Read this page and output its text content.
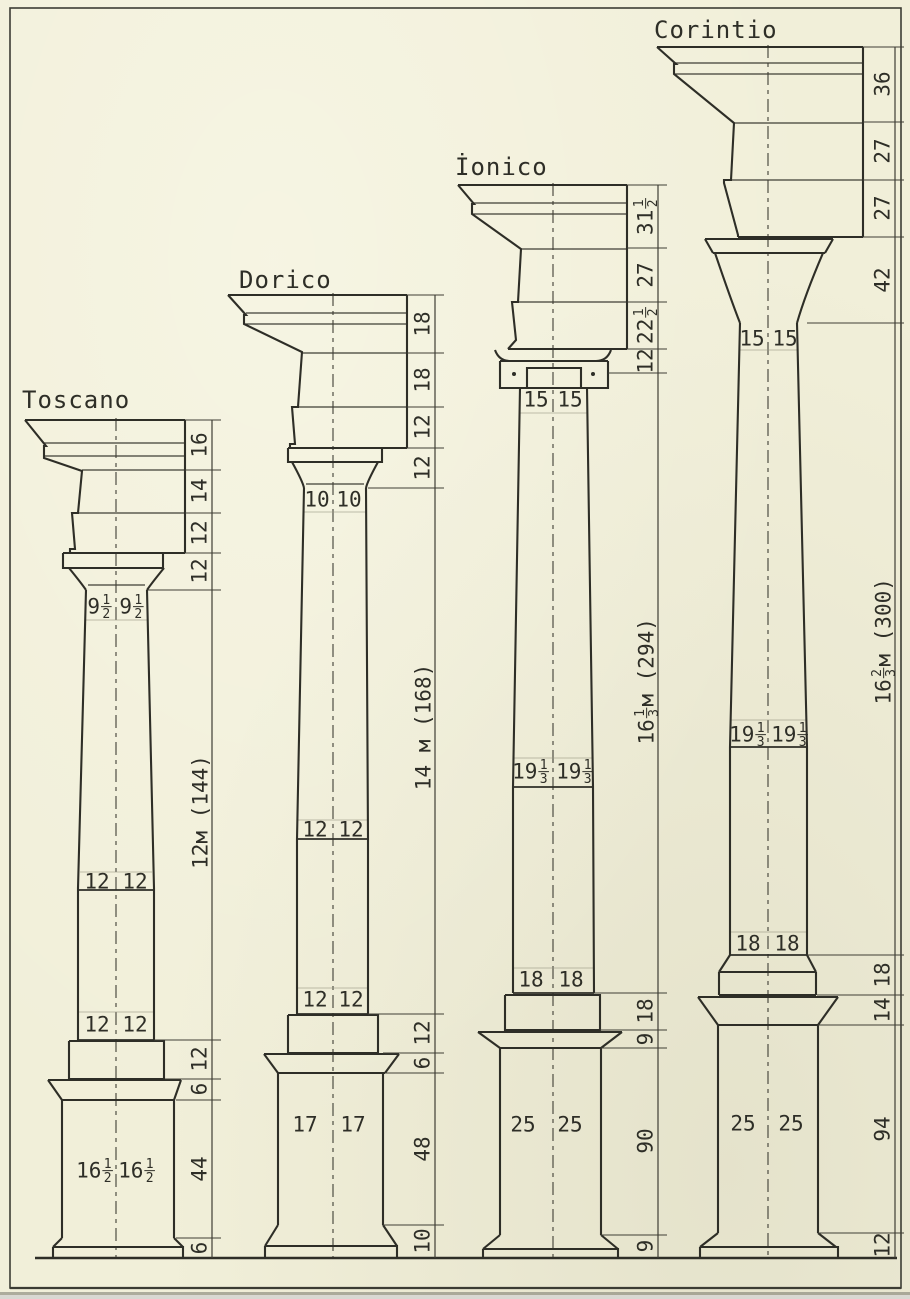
Toscano
16
14
12
12
12
6
44
6
12м (144)
9 1
2 9 1
2
12 12
12 12
16 1
2 16 1
2
Dorico
18
18
12
12
12
6
48
10
14 м (168)
10 10
12 12
12 12
17 17
İonico
31
1
2
27
22
1
2
12
18
9
90
9
16
1
3
м (294)
15 15
19 1
3 19 1
3
18 18
25 25
Corintio
36
27
27
42
18
14
94
12
16
2
3
м (300)
15 15
19 1
3 19 1
3
18 18
25 25
